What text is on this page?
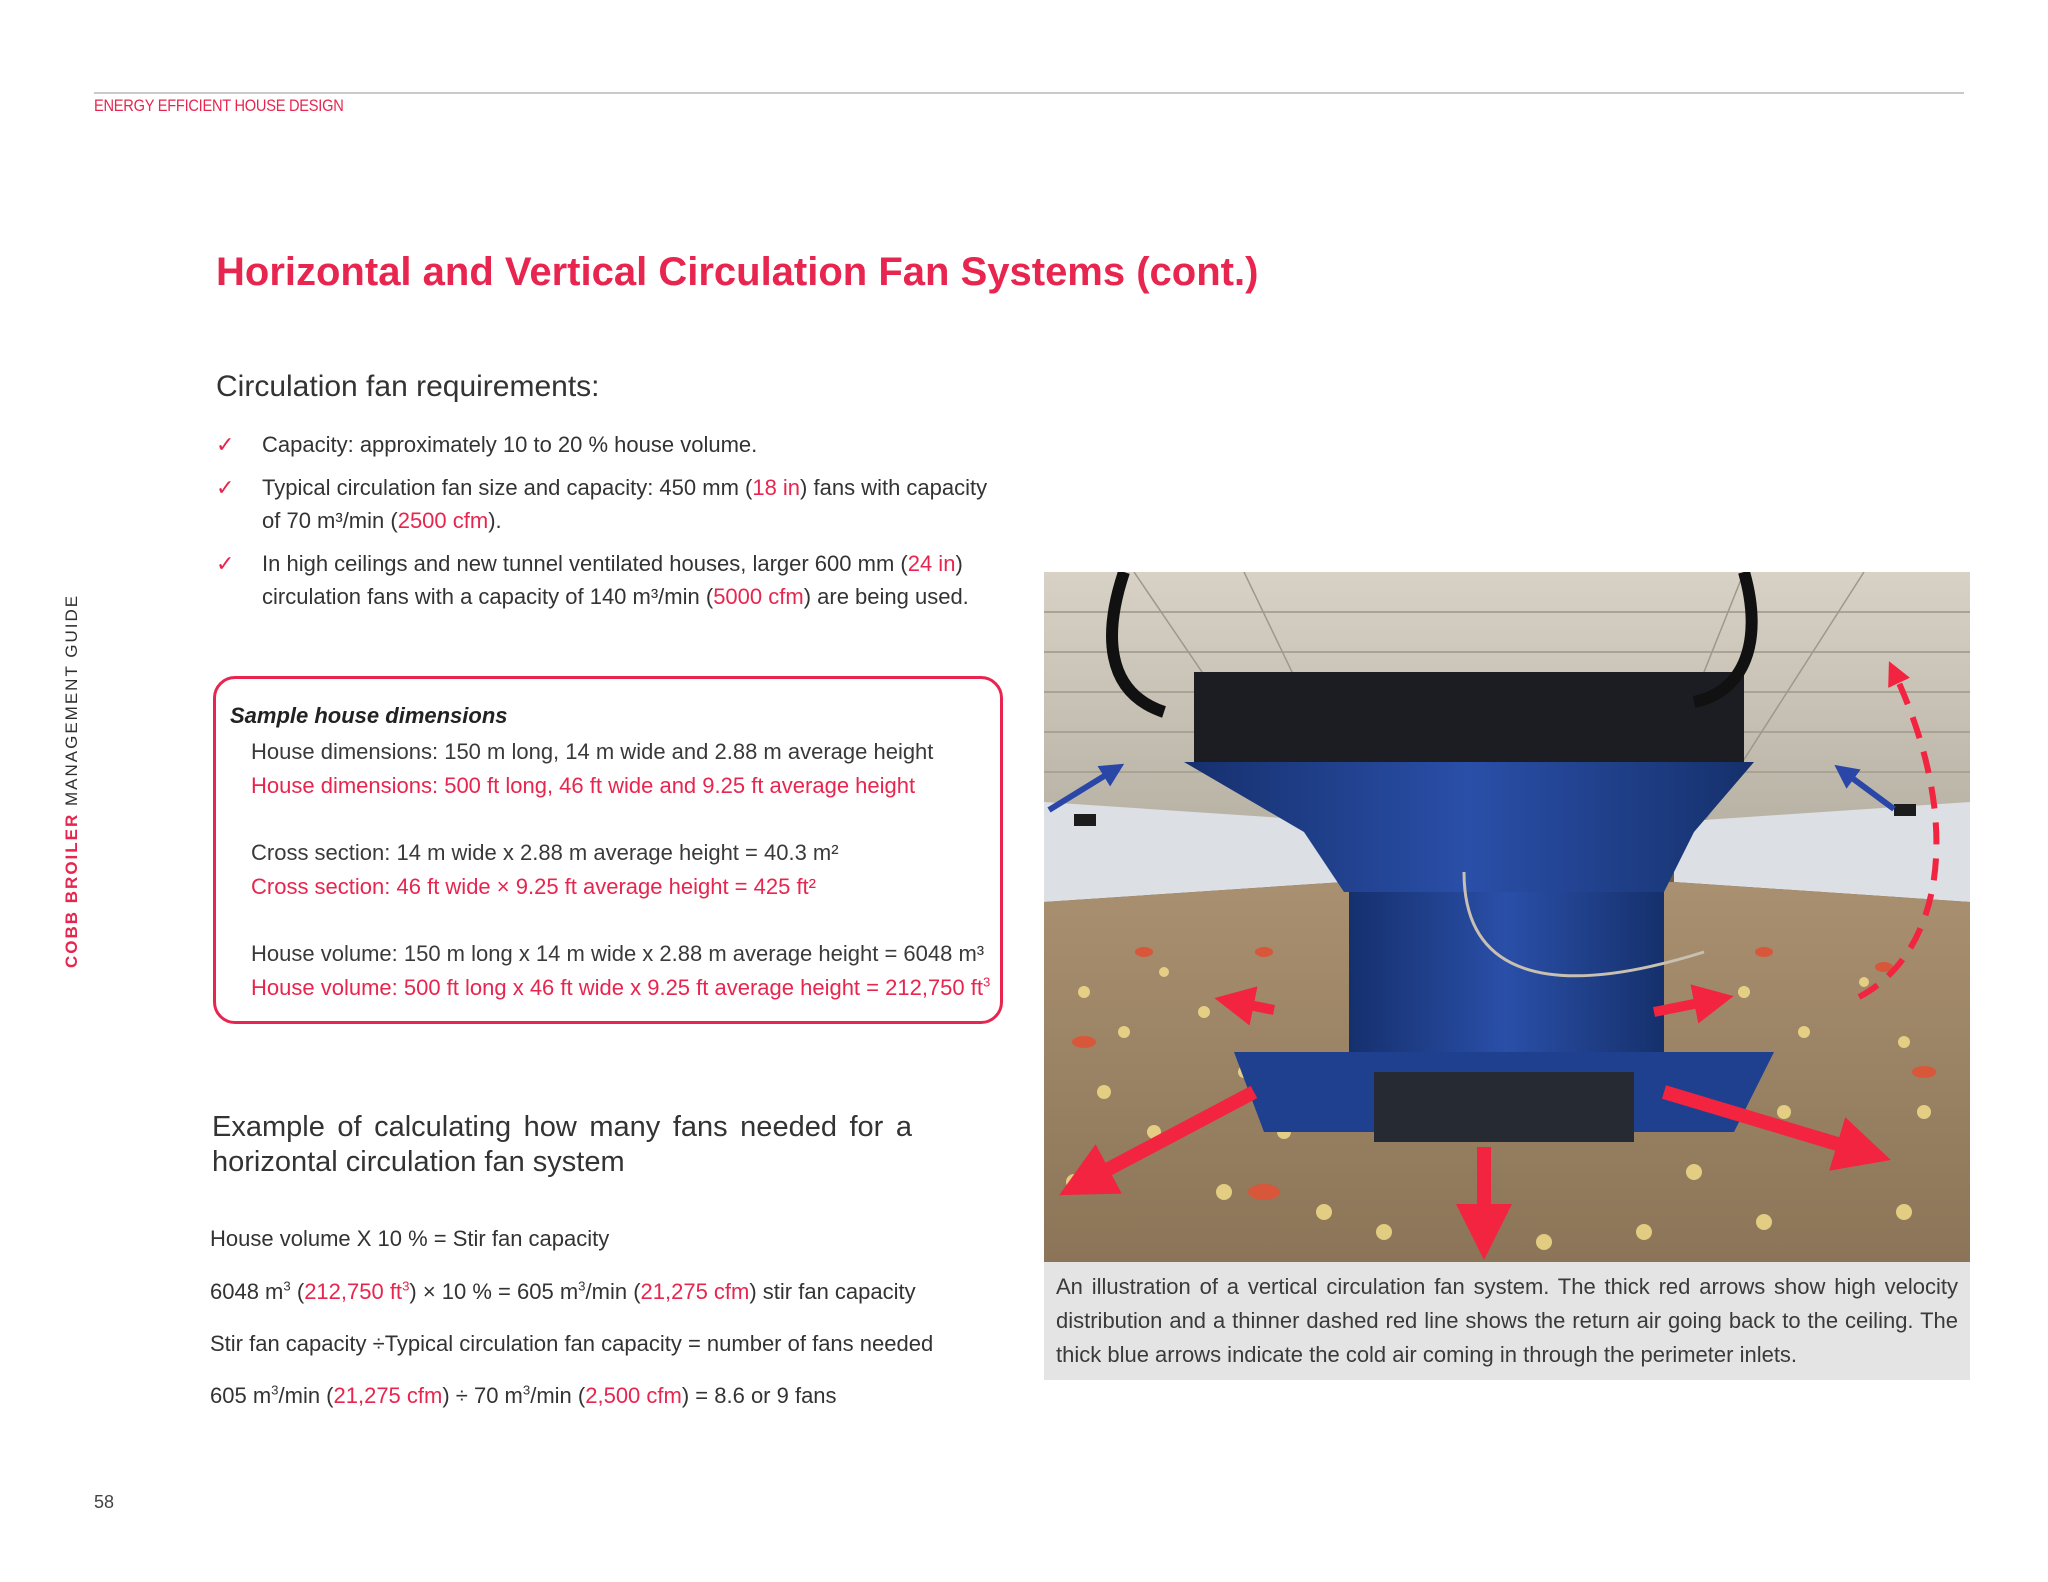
ENERGY EFFICIENT HOUSE DESIGN
COBB BROILER MANAGEMENT GUIDE
Horizontal and Vertical Circulation Fan Systems (cont.)
Circulation fan requirements:
✓ Capacity: approximately 10 to 20 % house volume.
✓ Typical circulation fan size and capacity: 450 mm (18 in) fans with capacity of 70 m³/min (2500 cfm).
✓ In high ceilings and new tunnel ventilated houses, larger 600 mm (24 in) circulation fans with a capacity of 140 m³/min (5000 cfm) are being used.
Sample house dimensions
House dimensions: 150 m long, 14 m wide and 2.88 m average height
House dimensions: 500 ft long, 46 ft wide and 9.25 ft average height
Cross section: 14 m wide x 2.88 m average height = 40.3 m²
Cross section: 46 ft wide × 9.25 ft average height = 425 ft²
House volume: 150 m long x 14 m wide x 2.88 m average height = 6048 m³
House volume: 500 ft long x 46 ft wide x 9.25 ft average height = 212,750 $ft^3$
Example of calculating how many fans needed for a horizontal circulation fan system
House volume X 10 % = Stir fan capacity
6048 $m^3$ (212,750 $ft^3) \times 10$ % = 605 $m^3/\min$ (21,275 cfm) stir fan capacity
Stir fan capacity ÷Typical circulation fan capacity = number of fans needed
605 $m^3/\min$ (21,275 cfm) ÷ 70 $m^3/\min$ (2,500 cfm) = 8.6 or 9 fans
An illustration of a vertical circulation fan system. The thick red arrows show high velocity distribution and a thinner dashed red line shows the return air going back to the ceiling. The thick blue arrows indicate the cold air coming in through the perimeter inlets.
58
